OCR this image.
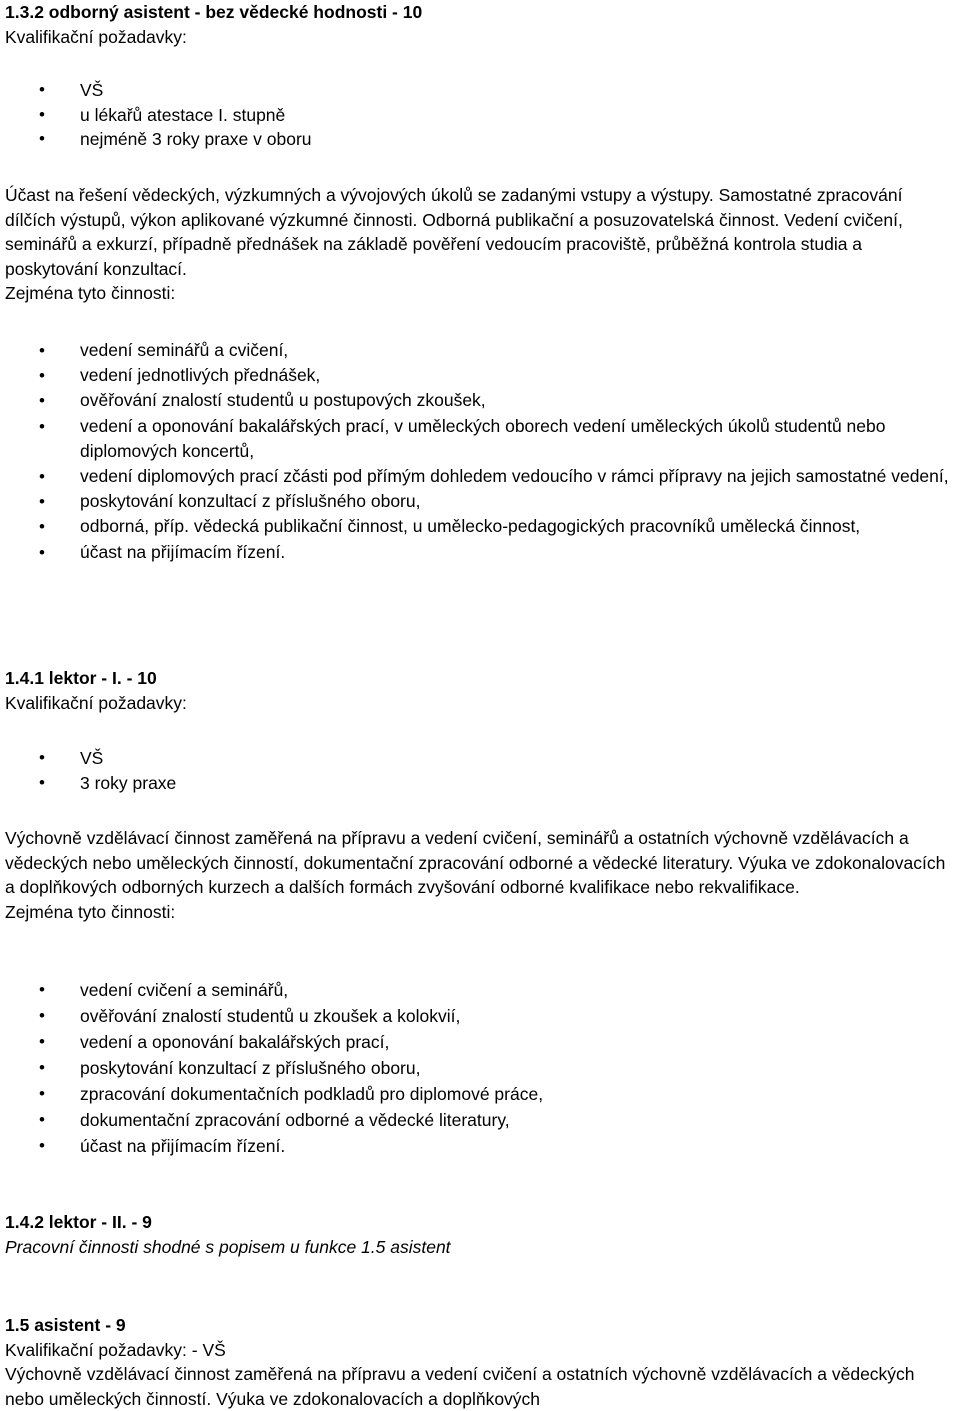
1.3.2 odborný asistent - bez vědecké hodnosti - 10

Kvalifikační požadavky:

• VŠ

• u lékařů atestace I. stupně

• nejméně 3 roky praxe v oboru

Účast na řešení vědeckých, výzkumných a vývojových úkolů se zadanými vstupy a výstupy. Samostatné zpracování dílčích výstupů, výkon aplikované výzkumné činnosti. Odborná publikační a posuzovatelská činnost. Vedení cvičení, seminářů a exkurzí, případně přednášek na základě pověření vedoucím pracoviště, průběžná kontrola studia a poskytování konzultací.

Zejména tyto činnosti:

• vedení seminářů a cvičení,

• vedení jednotlivých přednášek,

• ověřování znalostí studentů u postupových zkoušek,

• vedení a oponování bakalářských prací, v uměleckých oborech vedení uměleckých úkolů studentů nebo diplomových koncertů,

• vedení diplomových prací zčásti pod přímým dohledem vedoucího v rámci přípravy na jejich samostatné vedení,

• poskytování konzultací z příslušného oboru,

• odborná, příp. vědecká publikační činnost, u umělecko-pedagogických pracovníků umělecká činnost,

• účast na přijímacím řízení.

1.4.1 lektor - I. - 10

Kvalifikační požadavky:

• VŠ

• 3 roky praxe

Výchovně vzdělávací činnost zaměřená na přípravu a vedení cvičení, seminářů a ostatních výchovně vzdělávacích a vědeckých nebo uměleckých činností, dokumentační zpracování odborné a vědecké literatury. Výuka ve zdokonalovacích a doplňkových odborných kurzech a dalších formách zvyšování odborné kvalifikace nebo rekvalifikace.

Zejména tyto činnosti:

• vedení cvičení a seminářů,

• ověřování znalostí studentů u zkoušek a kolokvií,

• vedení a oponování bakalářských prací,

• poskytování konzultací z příslušného oboru,

• zpracování dokumentačních podkladů pro diplomové práce,

• dokumentační zpracování odborné a vědecké literatury,

• účast na přijímacím řízení.

1.4.2 lektor - II. - 9

Pracovní činnosti shodné s popisem u funkce 1.5 asistent

1.5 asistent - 9

Kvalifikační požadavky: - VŠ

Výchovně vzdělávací činnost zaměřená na přípravu a vedení cvičení a ostatních výchovně vzdělávacích a vědeckých nebo uměleckých činností. Výuka ve zdokonalovacích a doplňkových
